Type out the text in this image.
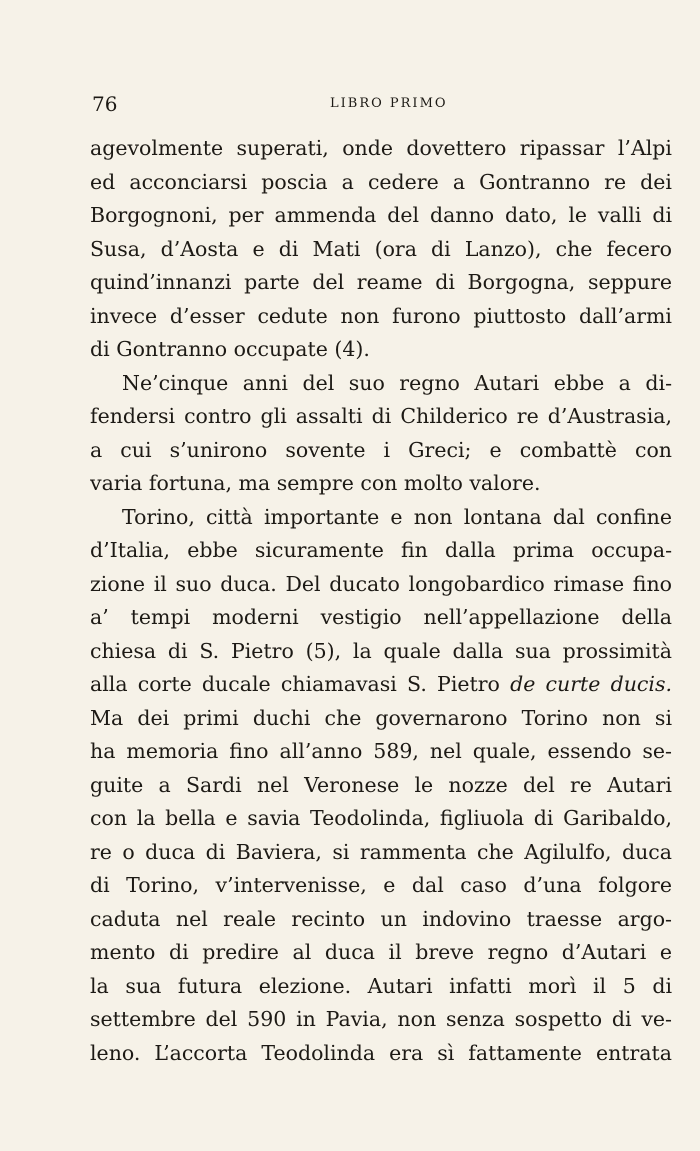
76	LIBRO PRIMO
agevolmente superati, onde dovettero ripassar l’Alpi
ed acconciarsi poscia a cedere a Gontranno re dei
Borgognoni, per ammenda del danno dato, le valli di
Susa, d’Aosta e di Mati (ora di Lanzo), che fecero
quind’innanzi parte del reame di Borgogna, seppure
invece d’esser cedute non furono piuttosto dall’armi
di Gontranno occupate (4).
Ne’cinque anni del suo regno Autari ebbe a di-
fendersi contro gli assalti di Childerico re d’Austrasia,
a cui s’unirono sovente i Greci; e combattè con
varia fortuna, ma sempre con molto valore.
Torino, città importante e non lontana dal confine
d’Italia, ebbe sicuramente fin dalla prima occupa-
zione il suo duca. Del ducato longobardico rimase fino
a’ tempi moderni vestigio nell’appellazione della
chiesa di S. Pietro (5), la quale dalla sua prossimità
alla corte ducale chiamavasi S. Pietro de curte ducis.
Ma dei primi duchi che governarono Torino non si
ha memoria fino all’anno 589, nel quale, essendo se-
guite a Sardi nel Veronese le nozze del re Autari
con la bella e savia Teodolinda, figliuola di Garibaldo,
re o duca di Baviera, si rammenta che Agilulfo, duca
di Torino, v’intervenisse, e dal caso d’una folgore
caduta nel reale recinto un indovino traesse argo-
mento di predire al duca il breve regno d’Autari e
la sua futura elezione. Autari infatti morì il 5 di
settembre del 590 in Pavia, non senza sospetto di ve-
leno. L’accorta Teodolinda era sì fattamente entrata
